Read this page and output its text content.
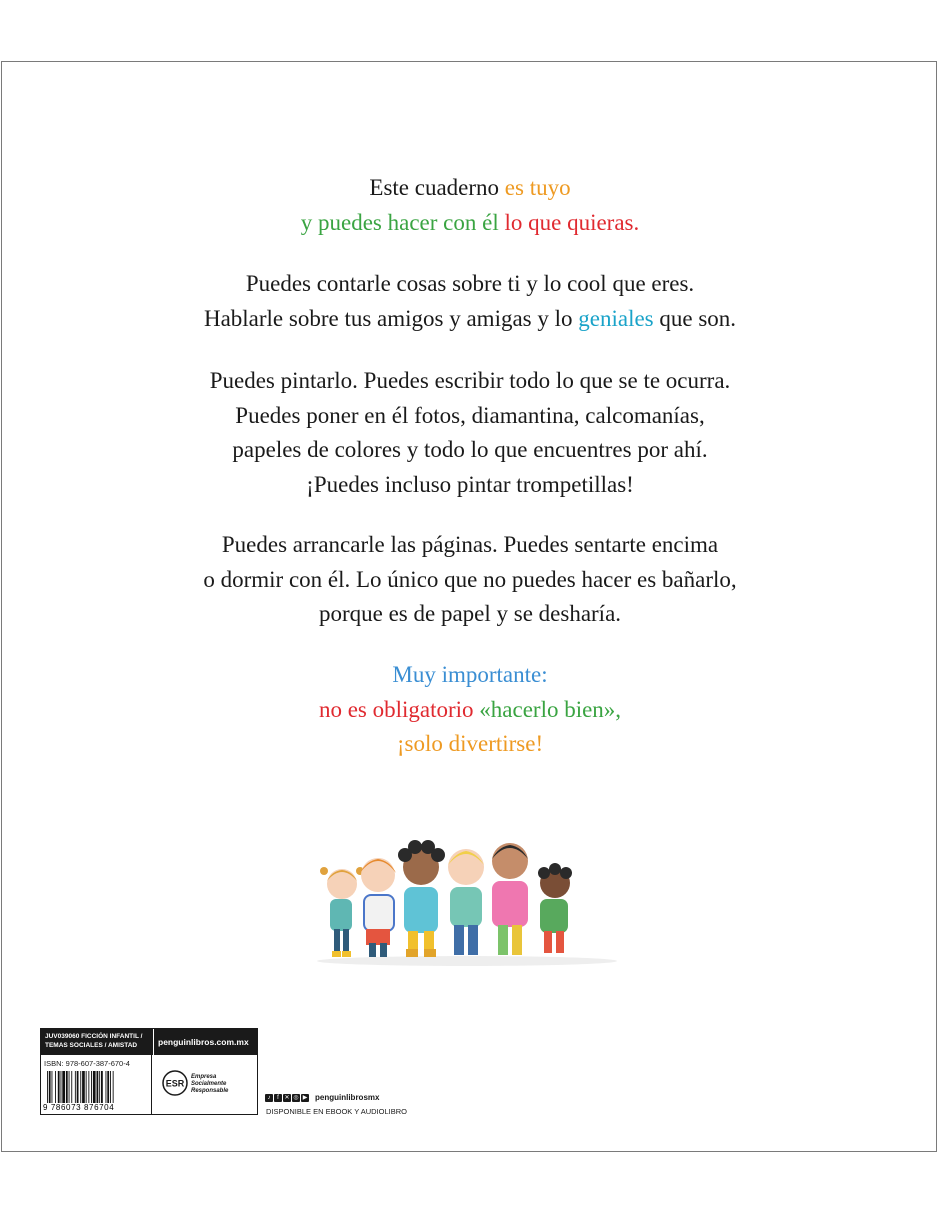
Este cuaderno es tuyo
y puedes hacer con él lo que quieras.
Puedes contarle cosas sobre ti y lo cool que eres.
Hablarle sobre tus amigos y amigas y lo geniales que son.
Puedes pintarlo. Puedes escribir todo lo que se te ocurra.
Puedes poner en él fotos, diamantina, calcomanías,
papeles de colores y todo lo que encuentres por ahí.
¡Puedes incluso pintar trompetillas!
Puedes arrancarle las páginas. Puedes sentarte encima
o dormir con él. Lo único que no puedes hacer es bañarlo,
porque es de papel y se desharía.
Muy importante:
no es obligatorio «hacerlo bien»,
¡solo divertirse!
JUV039060 FICCIÓN INFANTIL /
TEMAS SOCIALES / AMISTAD	penguinlibros.com.mx
ISBN: 978-607-387-670-4
9 786073 876704
ESR
Empresa
Socialmente
Responsable
♪	f ✕ ◎ ▶ penguinlibrosmx
DISPONIBLE EN EBOOK Y AUDIOLIBRO
